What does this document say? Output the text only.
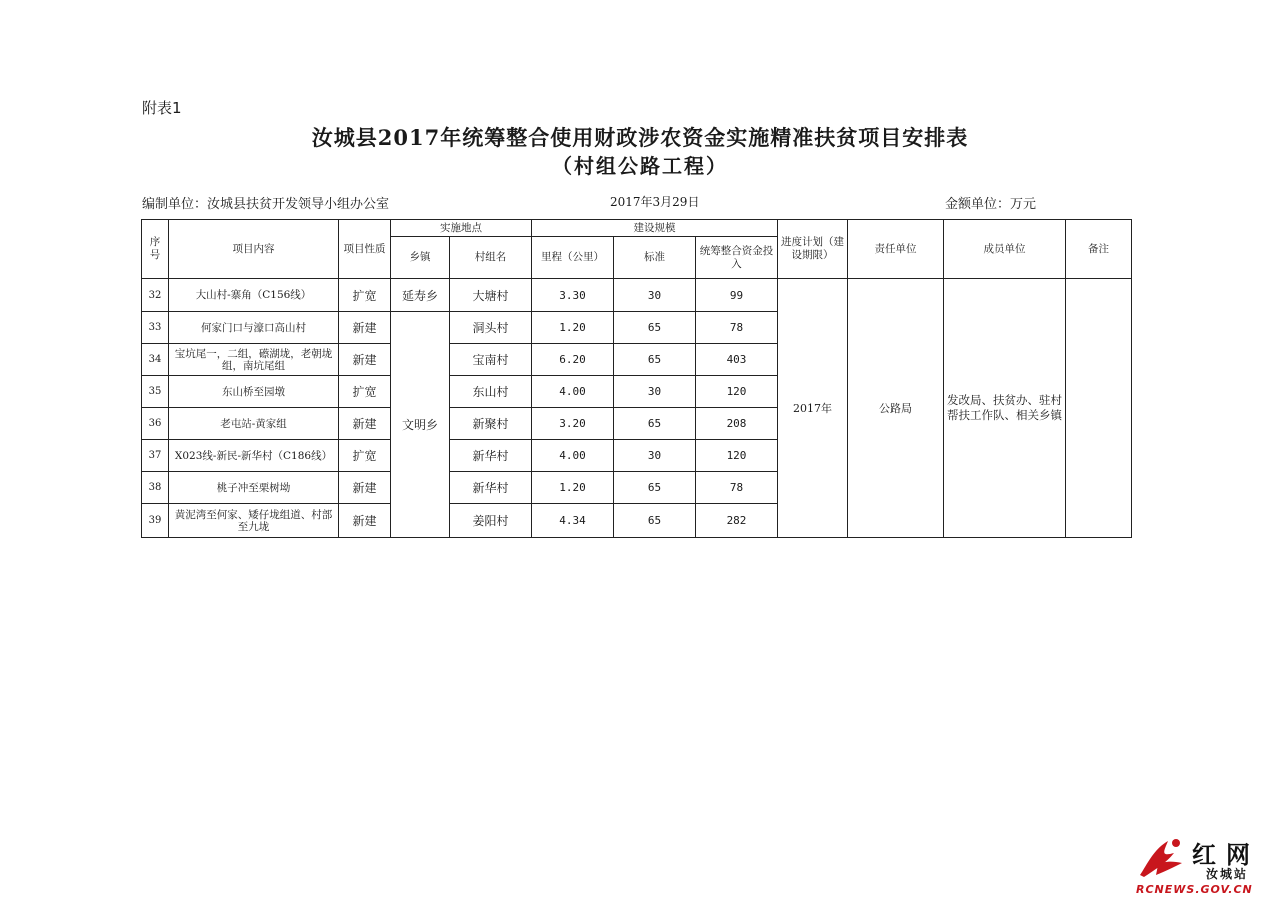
附表1
汝城县2017年统筹整合使用财政涉农资金实施精准扶贫项目安排表
（村组公路工程）
编制单位：汝城县扶贫开发领导小组办公室	2017年3月29日	金额单位：万元
序号	项目内容	项目性质	实施地点		建设规模			进度计划（建设期限）	责任单位	成员单位	备注
			乡镇	村组名	里程（公里）	标准	统筹整合资金投入				
32	大山村-寨角（C156线）	扩宽	延寿乡	大塘村	3.30	30	99	2017年	公路局	发改局、扶贫办、驻村帮扶工作队、相关乡镇	
33	何家门口与濠口高山村	新建	文明乡	洞头村	1.20	65	78				
34	宝坑尾一，二组，礤湖垅，老朝垅组，南坑尾组	新建		宝南村	6.20	65	403				
35	东山桥至园墩	扩宽		东山村	4.00	30	120				
36	老屯站-黄家组	新建		新聚村	3.20	65	208				
37	X023线-新民-新华村（C186线）	扩宽		新华村	4.00	30	120				
38	桃子冲至栗树坳	新建		新华村	1.20	65	78				
39	黄泥湾至何家、矮仔垅组道、村部至九垅	新建		姜阳村	4.34	65	282				
红网
汝城站
RCNEWS.GOV.CN
